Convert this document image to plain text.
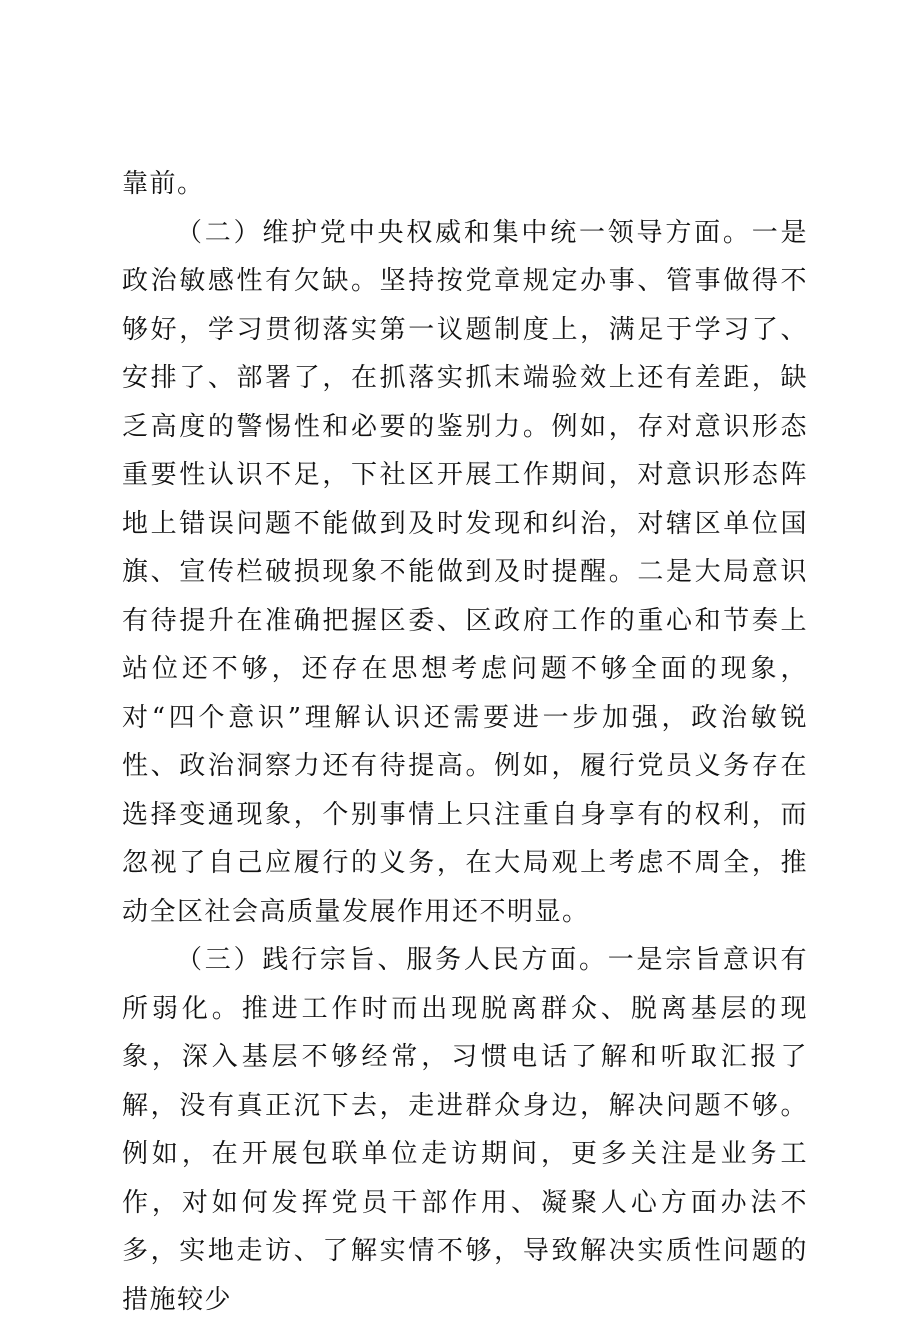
靠前。

（二）维护党中央权威和集中统一领导方面。一是政治敏感性有欠缺。坚持按党章规定办事、管事做得不够好，学习贯彻落实第一议题制度上，满足于学习了、安排了、部署了，在抓落实抓末端验效上还有差距，缺乏高度的警惕性和必要的鉴别力。例如，存对意识形态重要性认识不足，下社区开展工作期间，对意识形态阵地上错误问题不能做到及时发现和纠治，对辖区单位国旗、宣传栏破损现象不能做到及时提醒。二是大局意识有待提升在准确把握区委、区政府工作的重心和节奏上站位还不够，还存在思想考虑问题不够全面的现象，对“四个意识”理解认识还需要进一步加强，政治敏锐性、政治洞察力还有待提高。例如，履行党员义务存在选择变通现象，个别事情上只注重自身享有的权利，而忽视了自己应履行的义务，在大局观上考虑不周全，推动全区社会高质量发展作用还不明显。

（三）践行宗旨、服务人民方面。一是宗旨意识有所弱化。推进工作时而出现脱离群众、脱离基层的现象，深入基层不够经常，习惯电话了解和听取汇报了解，没有真正沉下去，走进群众身边，解决问题不够。例如，在开展包联单位走访期间，更多关注是业务工作，对如何发挥党员干部作用、凝聚人心方面办法不多，实地走访、了解实情不够，导致解决实质性问题的措施较少
